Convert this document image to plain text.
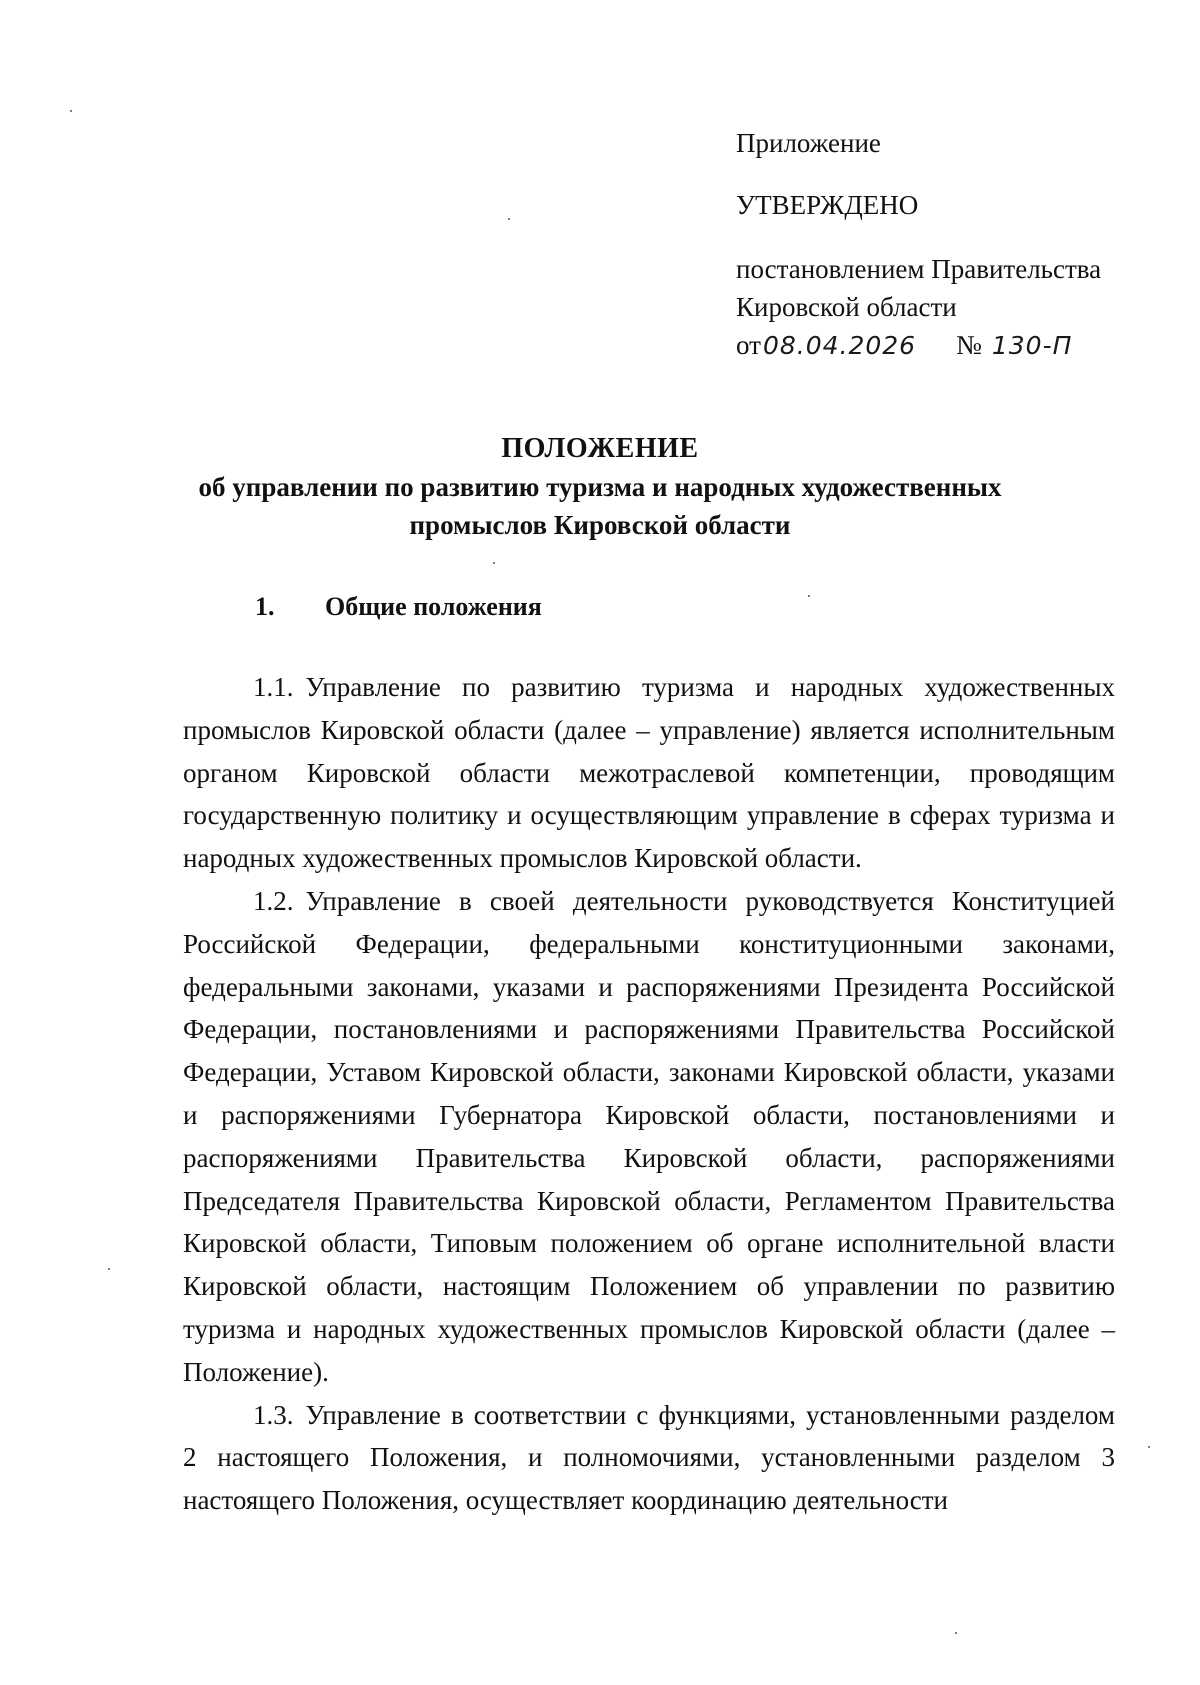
Приложение
УТВЕРЖДЕНО
постановлением Правительства
Кировской области
от08.04.2026 № 130-П
ПОЛОЖЕНИЕ
об управлении по развитию туризма и народных художественных
промыслов Кировской области
1. Общие положения

1.1. Управление по развитию туризма и народных художественных промыслов Кировской области (далее – управление) является исполнительным органом Кировской области межотраслевой компетенции, проводящим государственную политику и осуществляющим управление в сферах туризма и народных художественных промыслов Кировской области.

1.2. Управление в своей деятельности руководствуется Конституцией Российской Федерации, федеральными конституционными законами, федеральными законами, указами и распоряжениями Президента Российской Федерации, постановлениями и распоряжениями Правительства Российской Федерации, Уставом Кировской области, законами Кировской области, указами и распоряжениями Губернатора Кировской области, постановлениями и распоряжениями Правительства Кировской области, распоряжениями Председателя Правительства Кировской области, Регламентом Правительства Кировской области, Типовым положением об органе исполнительной власти Кировской области, настоящим Положением об управлении по развитию туризма и народных художественных промыслов Кировской области (далее – Положение).

1.3. Управление в соответствии с функциями, установленными разделом 2 настоящего Положения, и полномочиями, установленными разделом 3 настоящего Положения, осуществляет координацию деятельности
